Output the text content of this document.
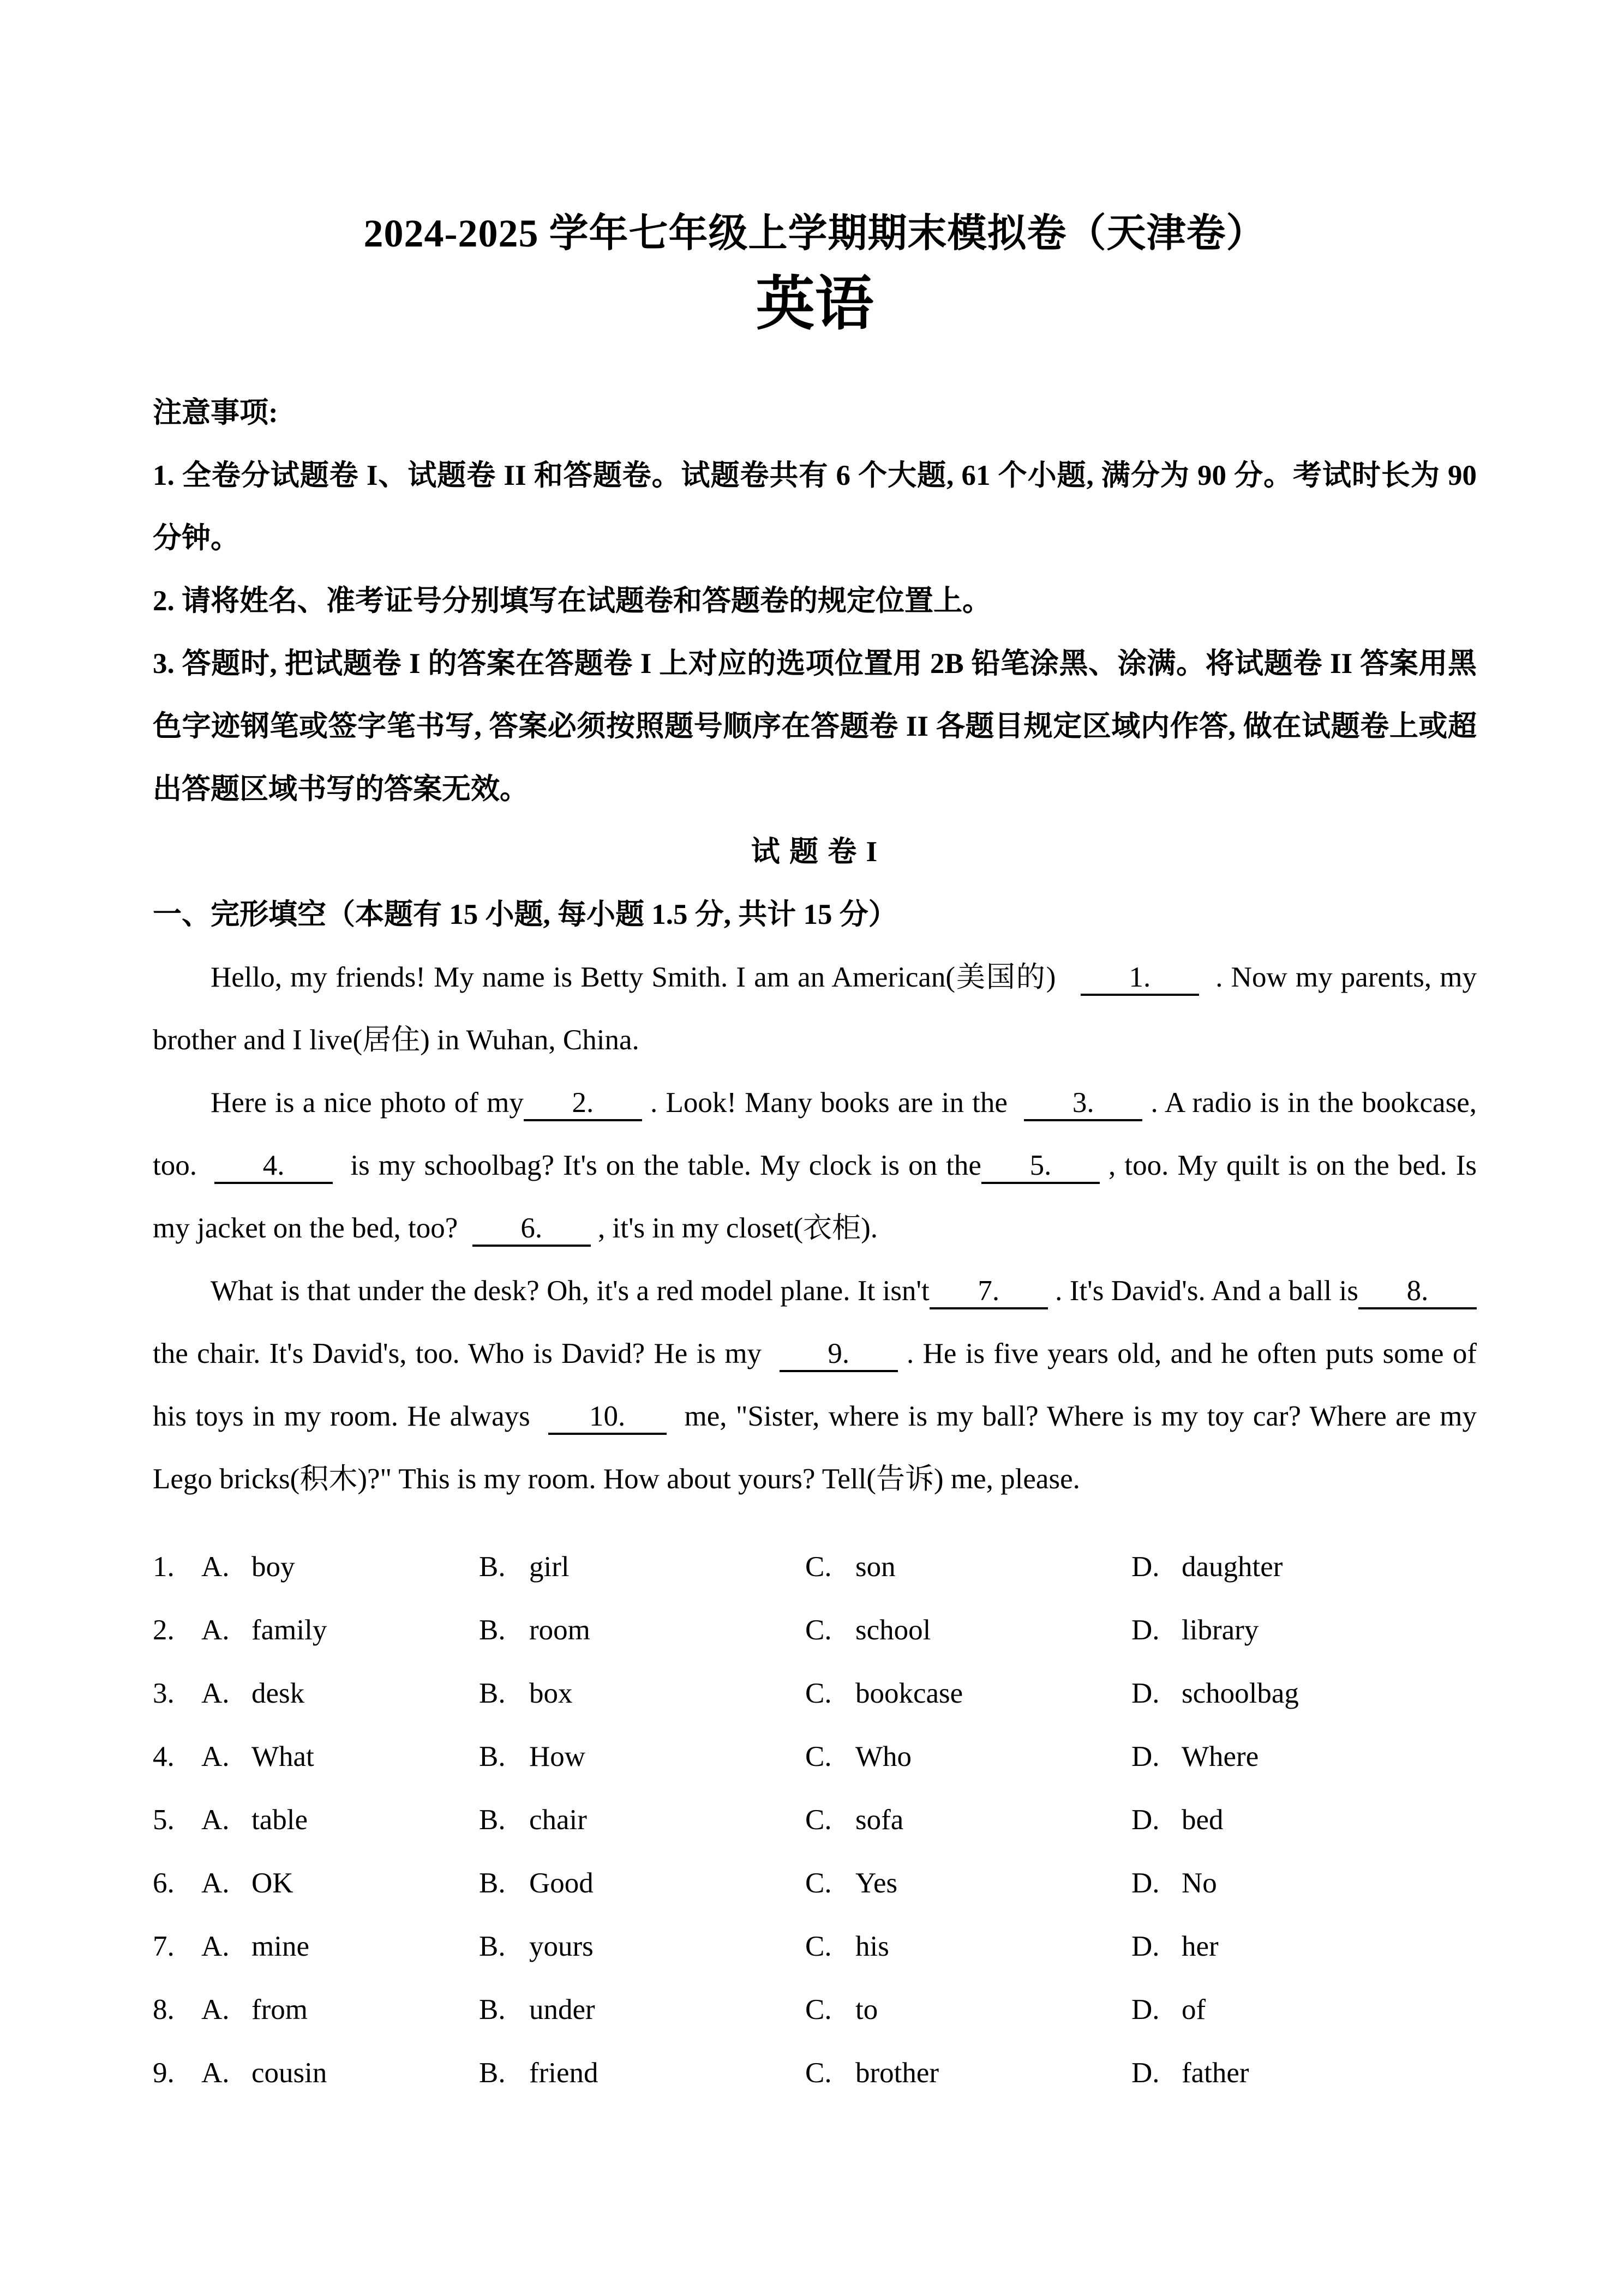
2024-2025 学年七年级上学期期末模拟卷（天津卷）
英语

注意事项:

1. 全卷分试题卷 I、试题卷 II 和答题卷。试题卷共有 6 个大题, 61 个小题, 满分为 90 分。考试时长为 90 分钟。

2. 请将姓名、准考证号分别填写在试题卷和答题卷的规定位置上。

3. 答题时, 把试题卷 I 的答案在答题卷 I 上对应的选项位置用 2B 铅笔涂黑、涂满。将试题卷 II 答案用黑色字迹钢笔或签字笔书写, 答案必须按照题号顺序在答题卷 II 各题目规定区域内作答, 做在试题卷上或超出答题区域书写的答案无效。

试 题 卷 I

一、完形填空（本题有 15 小题, 每小题 1.5 分, 共计 15 分）

Hello, my friends! My name is Betty Smith. I am an American(美国的)   1.  . Now my parents, my brother and I live(居住) in Wuhan, China.

Here is a nice photo of my 2. . Look! Many books are in the  3. . A radio is in the bookcase, too.  4.  is my schoolbag? It's on the table. My clock is on the 5. , too. My quilt is on the bed. Is my jacket on the bed, too?  6. , it's in my closet(衣柜).

What is that under the desk? Oh, it's a red model plane. It isn't 7. . It's David's. And a ball is 8. the chair. It's David's, too. Who is David? He is my  9. . He is five years old, and he often puts some of his toys in my room. He always  10.  me, "Sister, where is my ball? Where is my toy car? Where are my Lego bricks(积木)?" This is my room. How about yours? Tell(告诉) me, please.

1. A. boy	B. girl	C. son	D. daughter
2. A. family	B. room	C. school	D. library
3. A. desk	B. box	C. bookcase	D. schoolbag
4. A. What	B. How	C. Who	D. Where
5. A. table	B. chair	C. sofa	D. bed
6. A. OK	B. Good	C. Yes	D. No
7. A. mine	B. yours	C. his	D. her
8. A. from	B. under	C. to	D. of
9. A. cousin	B. friend	C. brother	D. father
